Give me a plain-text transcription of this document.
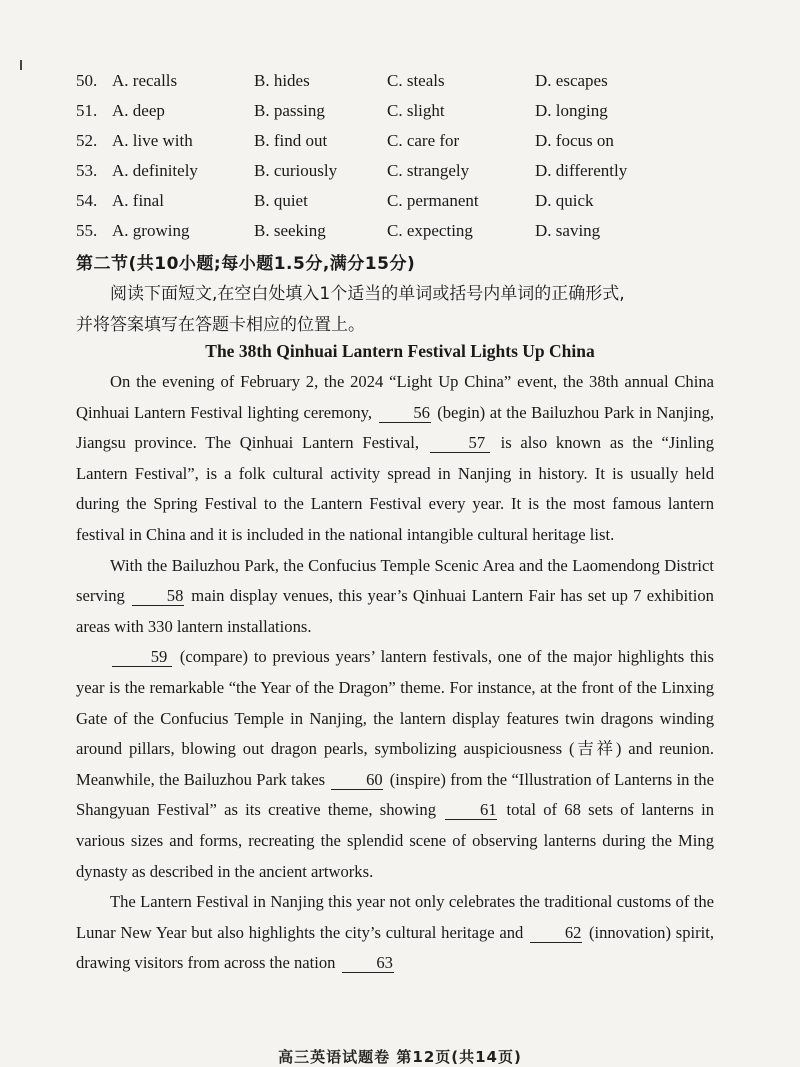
50. A. recalls	B. hides	C. steals	D. escapes
51. A. deep	B. passing	C. slight	D. longing
52. A. live with	B. find out	C. care for	D. focus on
53. A. definitely	B. curiously	C. strangely	D. differently
54. A. final	B. quiet	C. permanent	D. quick
55. A. growing	B. seeking	C. expecting	D. saving
第二节(共10小题;每小题1.5分,满分15分)
阅读下面短文,在空白处填入1个适当的单词或括号内单词的正确形式,
并将答案填写在答题卡相应的位置上。
The 38th Qinhuai Lantern Festival Lights Up China

On the evening of February 2, the 2024 “Light Up China” event, the 38th annual China Qinhuai Lantern Festival lighting ceremony, 56 (begin) at the Bailuzhou Park in Nanjing, Jiangsu province. The Qinhuai Lantern Festival,	57 is also known as the “Jinling Lantern Festival”, is a folk cultural activity spread in Nanjing in history. It is usually held during the Spring Festival to the Lantern Festival every year. It is the most famous lantern festival in China and it is included in the national intangible cultural heritage list.

With the Bailuzhou Park, the Confucius Temple Scenic Area and the Laomendong District serving	58 main display venues, this year’s Qinhuai Lantern Fair has set up 7 exhibition areas with 330 lantern installations.

59 (compare) to previous years’ lantern festivals, one of the major highlights this year is the remarkable “the Year of the Dragon” theme. For instance, at the front of the Linxing Gate of the Confucius Temple in Nanjing, the lantern display features twin dragons winding around pillars, blowing out dragon pearls, symbolizing auspiciousness (吉祥) and reunion. Meanwhile, the Bailuzhou Park takes 60 (inspire) from the “Illustration of Lanterns in the Shangyuan Festival” as its creative theme, showing	61 total of 68 sets of lanterns in various sizes and forms, recreating the splendid scene of observing lanterns during the Ming dynasty as described in the ancient artworks.

The Lantern Festival in Nanjing this year not only celebrates the traditional customs of the Lunar New Year but also highlights the city’s cultural heritage and	62 (innovation) spirit, drawing visitors from across the nation 63

高三英语试题卷 第12页(共14页)
